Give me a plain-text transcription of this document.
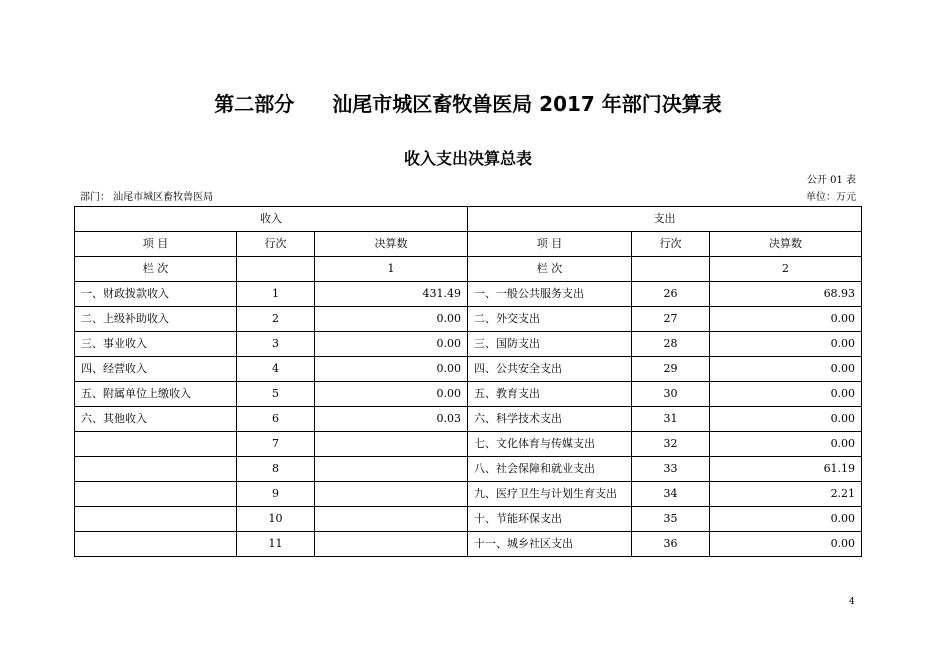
第二部分 汕尾市城区畜牧兽医局 2017 年部门决算表
收入支出决算总表
公开 01 表
部门： 汕尾市城区畜牧兽医局	单位：万元
收入			支出		
项 目	行次	决算数	项 目	行次	决算数
栏 次		1	栏 次		2
一、财政拨款收入	1	431.49	一、一般公共服务支出	26	68.93
二、上级补助收入	2	0.00	二、外交支出	27	0.00
三、事业收入	3	0.00	三、国防支出	28	0.00
四、经营收入	4	0.00	四、公共安全支出	29	0.00
五、附属单位上缴收入	5	0.00	五、教育支出	30	0.00
六、其他收入	6	0.03	六、科学技术支出	31	0.00
	7		七、文化体育与传媒支出	32	0.00
	8		八、社会保障和就业支出	33	61.19
	9		九、医疗卫生与计划生育支出	34	2.21
	10		十、节能环保支出	35	0.00
	11		十一、城乡社区支出	36	0.00
4
